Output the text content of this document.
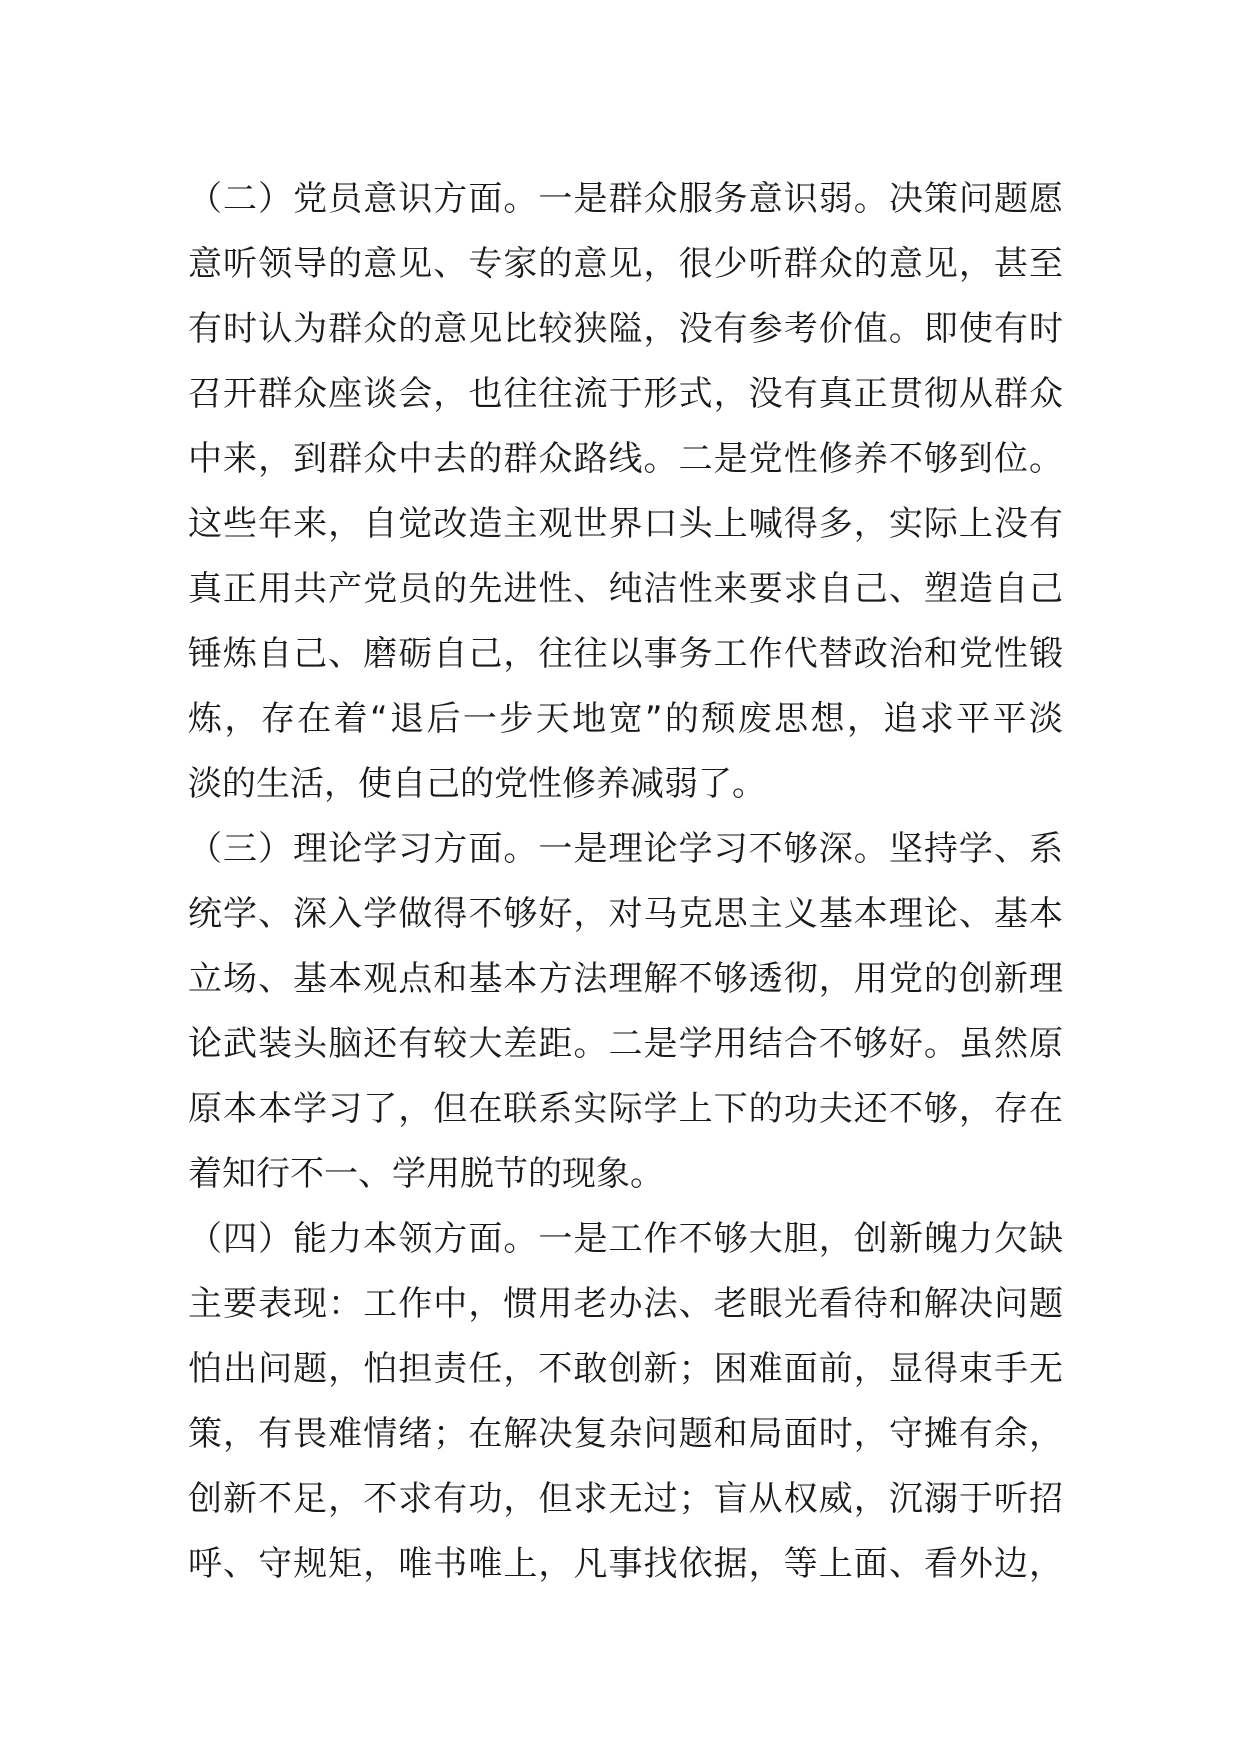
（二）党员意识方面。一是群众服务意识弱。决策问题愿
意听领导的意见、专家的意见，很少听群众的意见，甚至
有时认为群众的意见比较狭隘，没有参考价值。即使有时
召开群众座谈会，也往往流于形式，没有真正贯彻从群众
中来，到群众中去的群众路线。二是党性修养不够到位。
这些年来，自觉改造主观世界口头上喊得多，实际上没有
真正用共产党员的先进性、纯洁性来要求自己、塑造自己
锤炼自己、磨砺自己，往往以事务工作代替政治和党性锻
炼，存在着“退后一步天地宽”的颓废思想，追求平平淡
淡的生活，使自己的党性修养减弱了。
（三）理论学习方面。一是理论学习不够深。坚持学、系
统学、深入学做得不够好，对马克思主义基本理论、基本
立场、基本观点和基本方法理解不够透彻，用党的创新理
论武装头脑还有较大差距。二是学用结合不够好。虽然原
原本本学习了，但在联系实际学上下的功夫还不够，存在
着知行不一、学用脱节的现象。
（四）能力本领方面。一是工作不够大胆，创新魄力欠缺
主要表现：工作中，惯用老办法、老眼光看待和解决问题
怕出问题，怕担责任，不敢创新；困难面前，显得束手无
策，有畏难情绪；在解决复杂问题和局面时，守摊有余，
创新不足，不求有功，但求无过；盲从权威，沉溺于听招
呼、守规矩，唯书唯上，凡事找依据，等上面、看外边，
